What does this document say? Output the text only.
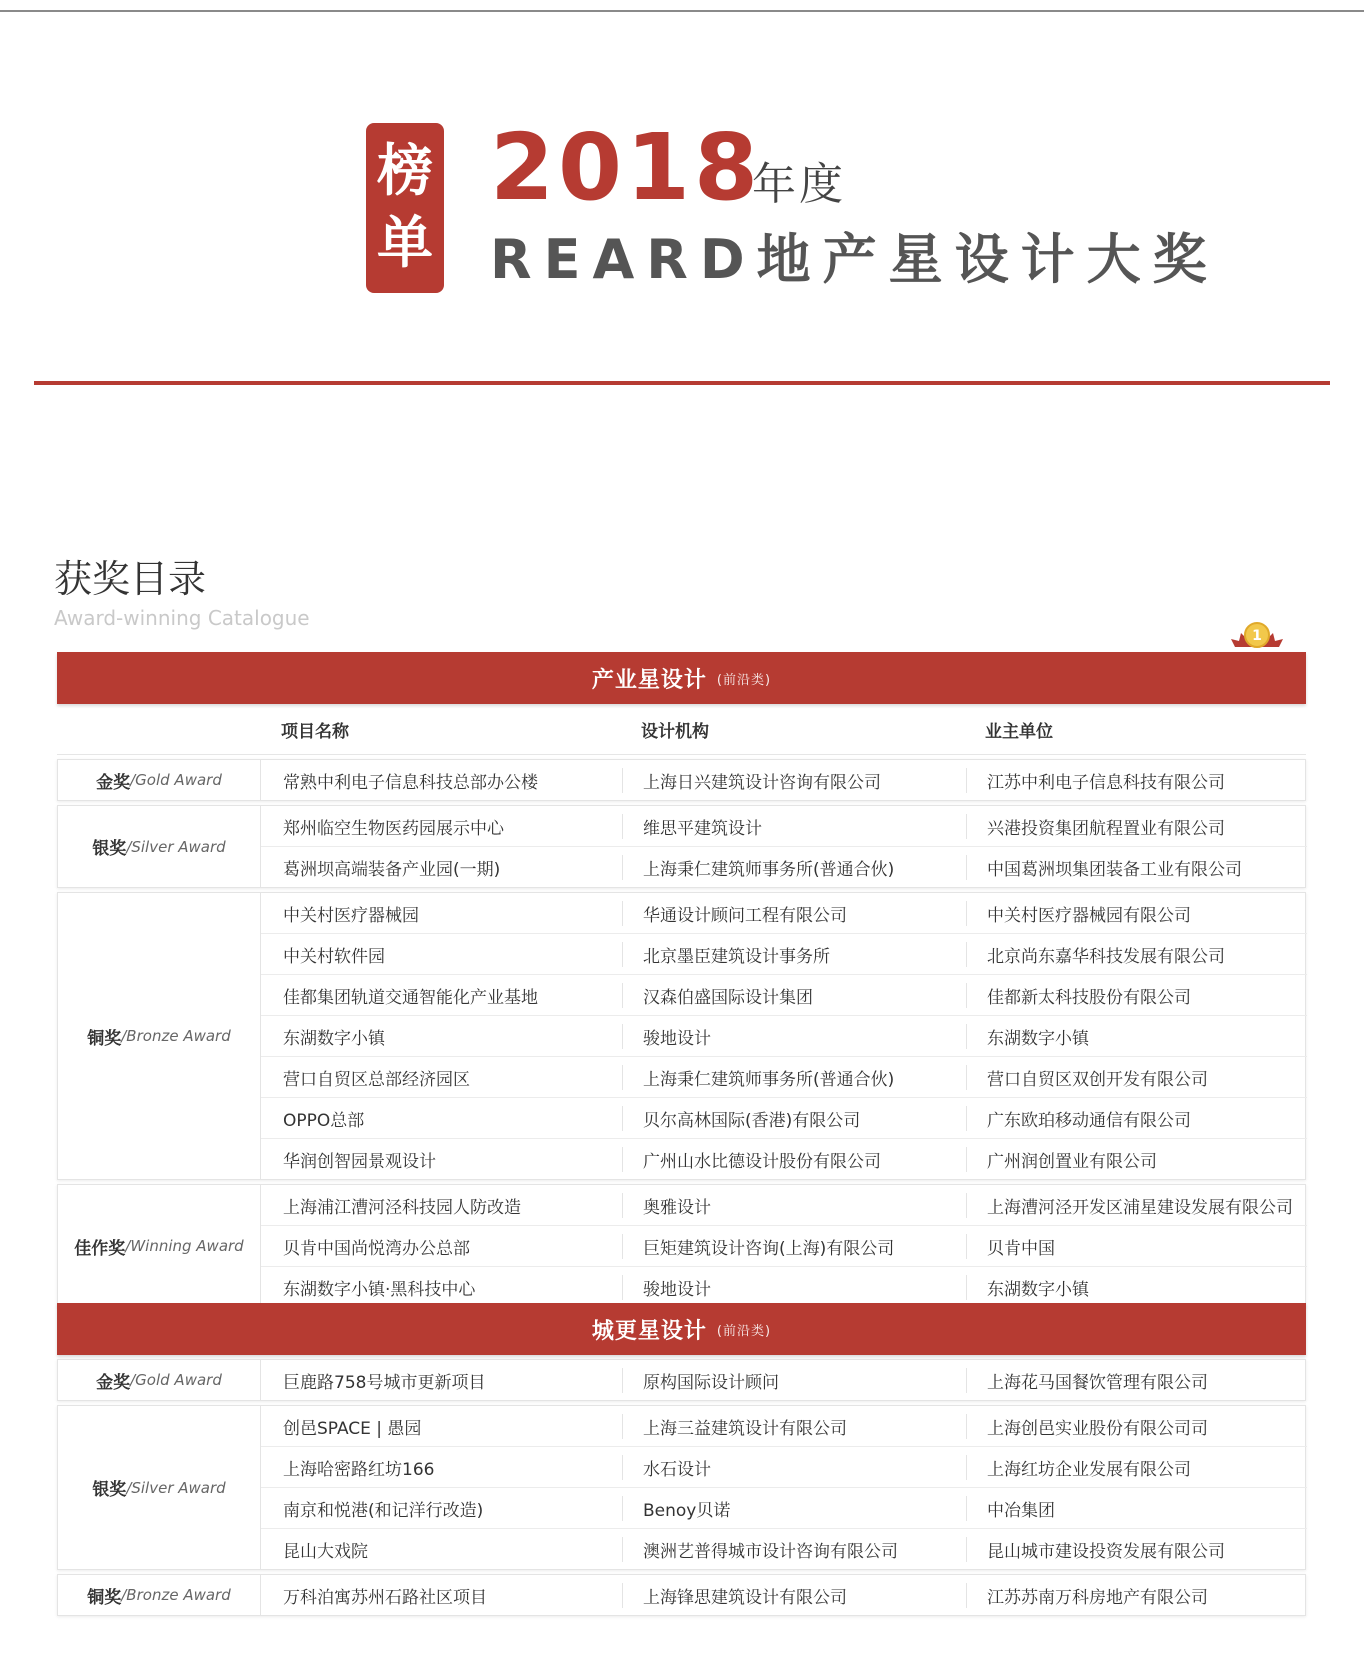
榜
单
2018
年度
REARD地产星设计大奖
获奖目录
Award-winning Catalogue
1
产业星设计 (前沿类)
项目名称	设计机构	业主单位
金奖 /Gold Award	常熟中利电子信息科技总部办公楼	上海日兴建筑设计咨询有限公司	江苏中利电子信息科技有限公司
银奖 /Silver Award
郑州临空生物医药园展示中心	维思平建筑设计	兴港投资集团航程置业有限公司
葛洲坝高端装备产业园(一期)	上海秉仁建筑师事务所(普通合伙)	中国葛洲坝集团装备工业有限公司
铜奖 /Bronze Award
中关村医疗器械园	华通设计顾问工程有限公司	中关村医疗器械园有限公司
中关村软件园	北京墨臣建筑设计事务所	北京尚东嘉华科技发展有限公司
佳都集团轨道交通智能化产业基地	汉森伯盛国际设计集团	佳都新太科技股份有限公司
东湖数字小镇	骏地设计	东湖数字小镇
营口自贸区总部经济园区	上海秉仁建筑师事务所(普通合伙)	营口自贸区双创开发有限公司
OPPO总部	贝尔高林国际(香港)有限公司	广东欧珀移动通信有限公司
华润创智园景观设计	广州山水比德设计股份有限公司	广州润创置业有限公司
佳作奖 /Winning Award
上海浦江漕河泾科技园人防改造	奥雅设计	上海漕河泾开发区浦星建设发展有限公司
贝肯中国尚悦湾办公总部	巨矩建筑设计咨询(上海)有限公司	贝肯中国
东湖数字小镇·黑科技中心	骏地设计	东湖数字小镇
城更星设计 (前沿类)
金奖 /Gold Award	巨鹿路758号城市更新项目	原构国际设计顾问	上海花马国餐饮管理有限公司
银奖 /Silver Award
创邑SPACE | 愚园	上海三益建筑设计有限公司	上海创邑实业股份有限公司司
上海哈密路红坊166	水石设计	上海红坊企业发展有限公司
南京和悦港(和记洋行改造)	Benoy贝诺	中冶集团
昆山大戏院	澳洲艺普得城市设计咨询有限公司	昆山城市建设投资发展有限公司
铜奖 /Bronze Award	万科泊寓苏州石路社区项目	上海锋思建筑设计有限公司	江苏苏南万科房地产有限公司
